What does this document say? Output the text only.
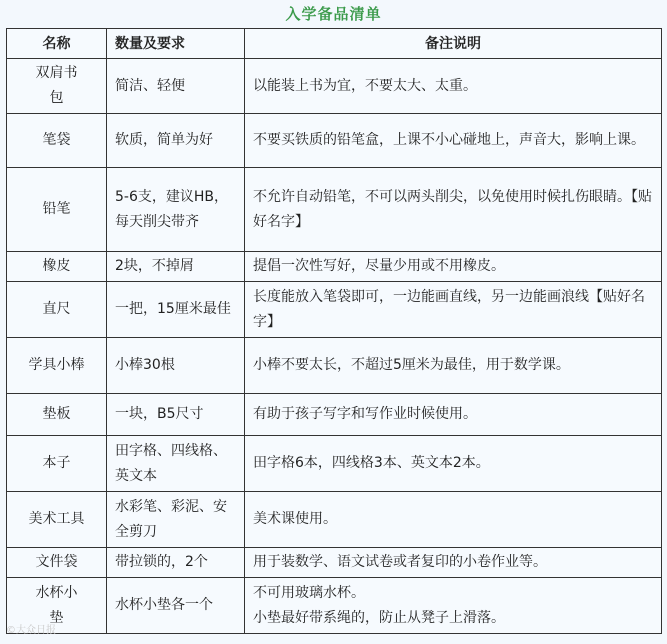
入学备品清单
名称	数量及要求	备注说明

双肩书包	简洁、轻便	以能装上书为宜，不要太大、太重。
笔袋	软质，简单为好	不要买铁质的铅笔盒，上课不小心碰地上，声音大，影响上课。
铅笔	5-6支，建议HB，每天削尖带齐	不允许自动铅笔，不可以两头削尖，以免使用时候扎伤眼睛。【贴好名字】
橡皮	2块，不掉屑	提倡一次性写好，尽量少用或不用橡皮。
直尺	一把，15厘米最佳	长度能放入笔袋即可，一边能画直线，另一边能画浪线【贴好名字】
学具小棒	小棒30根	小棒不要太长，不超过5厘米为最佳，用于数学课。
垫板	一块，B5尺寸	有助于孩子写字和写作业时候使用。
本子	田字格、四线格、英文本	田字格6本，四线格3本、英文本2本。
美术工具	水彩笔、彩泥、安全剪刀	美术课使用。
文件袋	带拉锁的，2个	用于装数学、语文试卷或者复印的小卷作业等。

水杯小垫	水杯小垫各一个	不可用玻璃水杯。
小垫最好带系绳的，防止从凳子上滑落。
©大众日报
